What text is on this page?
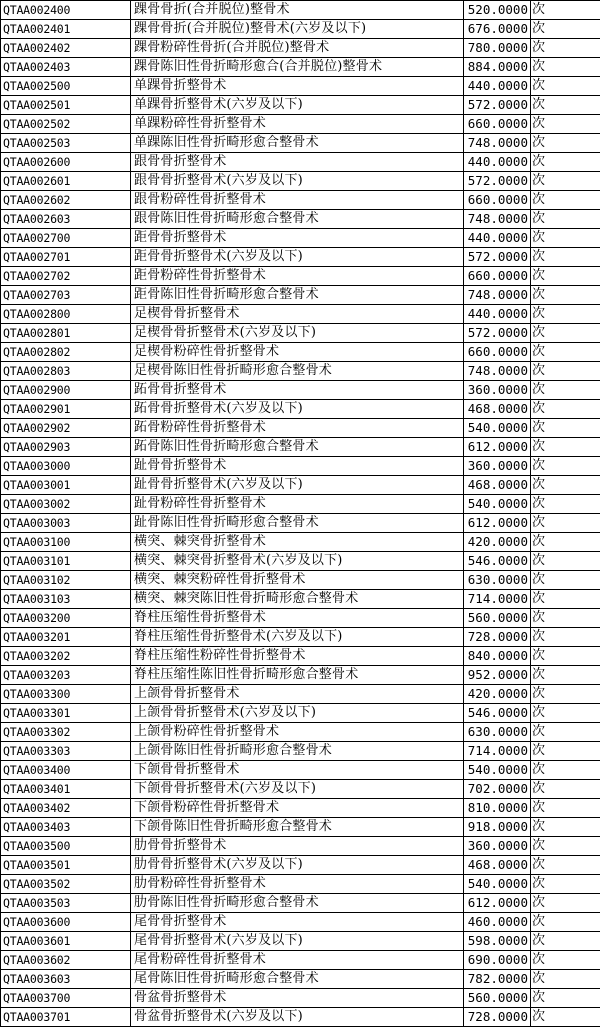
QTAA002400	踝骨骨折(合并脱位)整骨术	520.0000	次
QTAA002401	踝骨骨折(合并脱位)整骨术(六岁及以下)	676.0000	次
QTAA002402	踝骨粉碎性骨折(合并脱位)整骨术	780.0000	次
QTAA002403	踝骨陈旧性骨折畸形愈合(合并脱位)整骨术	884.0000	次
QTAA002500	单踝骨折整骨术	440.0000	次
QTAA002501	单踝骨折整骨术(六岁及以下)	572.0000	次
QTAA002502	单踝粉碎性骨折整骨术	660.0000	次
QTAA002503	单踝陈旧性骨折畸形愈合整骨术	748.0000	次
QTAA002600	跟骨骨折整骨术	440.0000	次
QTAA002601	跟骨骨折整骨术(六岁及以下)	572.0000	次
QTAA002602	跟骨粉碎性骨折整骨术	660.0000	次
QTAA002603	跟骨陈旧性骨折畸形愈合整骨术	748.0000	次
QTAA002700	距骨骨折整骨术	440.0000	次
QTAA002701	距骨骨折整骨术(六岁及以下)	572.0000	次
QTAA002702	距骨粉碎性骨折整骨术	660.0000	次
QTAA002703	距骨陈旧性骨折畸形愈合整骨术	748.0000	次
QTAA002800	足楔骨骨折整骨术	440.0000	次
QTAA002801	足楔骨骨折整骨术(六岁及以下)	572.0000	次
QTAA002802	足楔骨粉碎性骨折整骨术	660.0000	次
QTAA002803	足楔骨陈旧性骨折畸形愈合整骨术	748.0000	次
QTAA002900	跖骨骨折整骨术	360.0000	次
QTAA002901	跖骨骨折整骨术(六岁及以下)	468.0000	次
QTAA002902	跖骨粉碎性骨折整骨术	540.0000	次
QTAA002903	跖骨陈旧性骨折畸形愈合整骨术	612.0000	次
QTAA003000	趾骨骨折整骨术	360.0000	次
QTAA003001	趾骨骨折整骨术(六岁及以下)	468.0000	次
QTAA003002	趾骨粉碎性骨折整骨术	540.0000	次
QTAA003003	趾骨陈旧性骨折畸形愈合整骨术	612.0000	次
QTAA003100	横突、棘突骨折整骨术	420.0000	次
QTAA003101	横突、棘突骨折整骨术(六岁及以下)	546.0000	次
QTAA003102	横突、棘突粉碎性骨折整骨术	630.0000	次
QTAA003103	横突、棘突陈旧性骨折畸形愈合整骨术	714.0000	次
QTAA003200	脊柱压缩性骨折整骨术	560.0000	次
QTAA003201	脊柱压缩性骨折整骨术(六岁及以下)	728.0000	次
QTAA003202	脊柱压缩性粉碎性骨折整骨术	840.0000	次
QTAA003203	脊柱压缩性陈旧性骨折畸形愈合整骨术	952.0000	次
QTAA003300	上颌骨骨折整骨术	420.0000	次
QTAA003301	上颌骨骨折整骨术(六岁及以下)	546.0000	次
QTAA003302	上颌骨粉碎性骨折整骨术	630.0000	次
QTAA003303	上颌骨陈旧性骨折畸形愈合整骨术	714.0000	次
QTAA003400	下颌骨骨折整骨术	540.0000	次
QTAA003401	下颌骨骨折整骨术(六岁及以下)	702.0000	次
QTAA003402	下颌骨粉碎性骨折整骨术	810.0000	次
QTAA003403	下颌骨陈旧性骨折畸形愈合整骨术	918.0000	次
QTAA003500	肋骨骨折整骨术	360.0000	次
QTAA003501	肋骨骨折整骨术(六岁及以下)	468.0000	次
QTAA003502	肋骨粉碎性骨折整骨术	540.0000	次
QTAA003503	肋骨陈旧性骨折畸形愈合整骨术	612.0000	次
QTAA003600	尾骨骨折整骨术	460.0000	次
QTAA003601	尾骨骨折整骨术(六岁及以下)	598.0000	次
QTAA003602	尾骨粉碎性骨折整骨术	690.0000	次
QTAA003603	尾骨陈旧性骨折畸形愈合整骨术	782.0000	次
QTAA003700	骨盆骨折整骨术	560.0000	次
QTAA003701	骨盆骨折整骨术(六岁及以下)	728.0000	次
